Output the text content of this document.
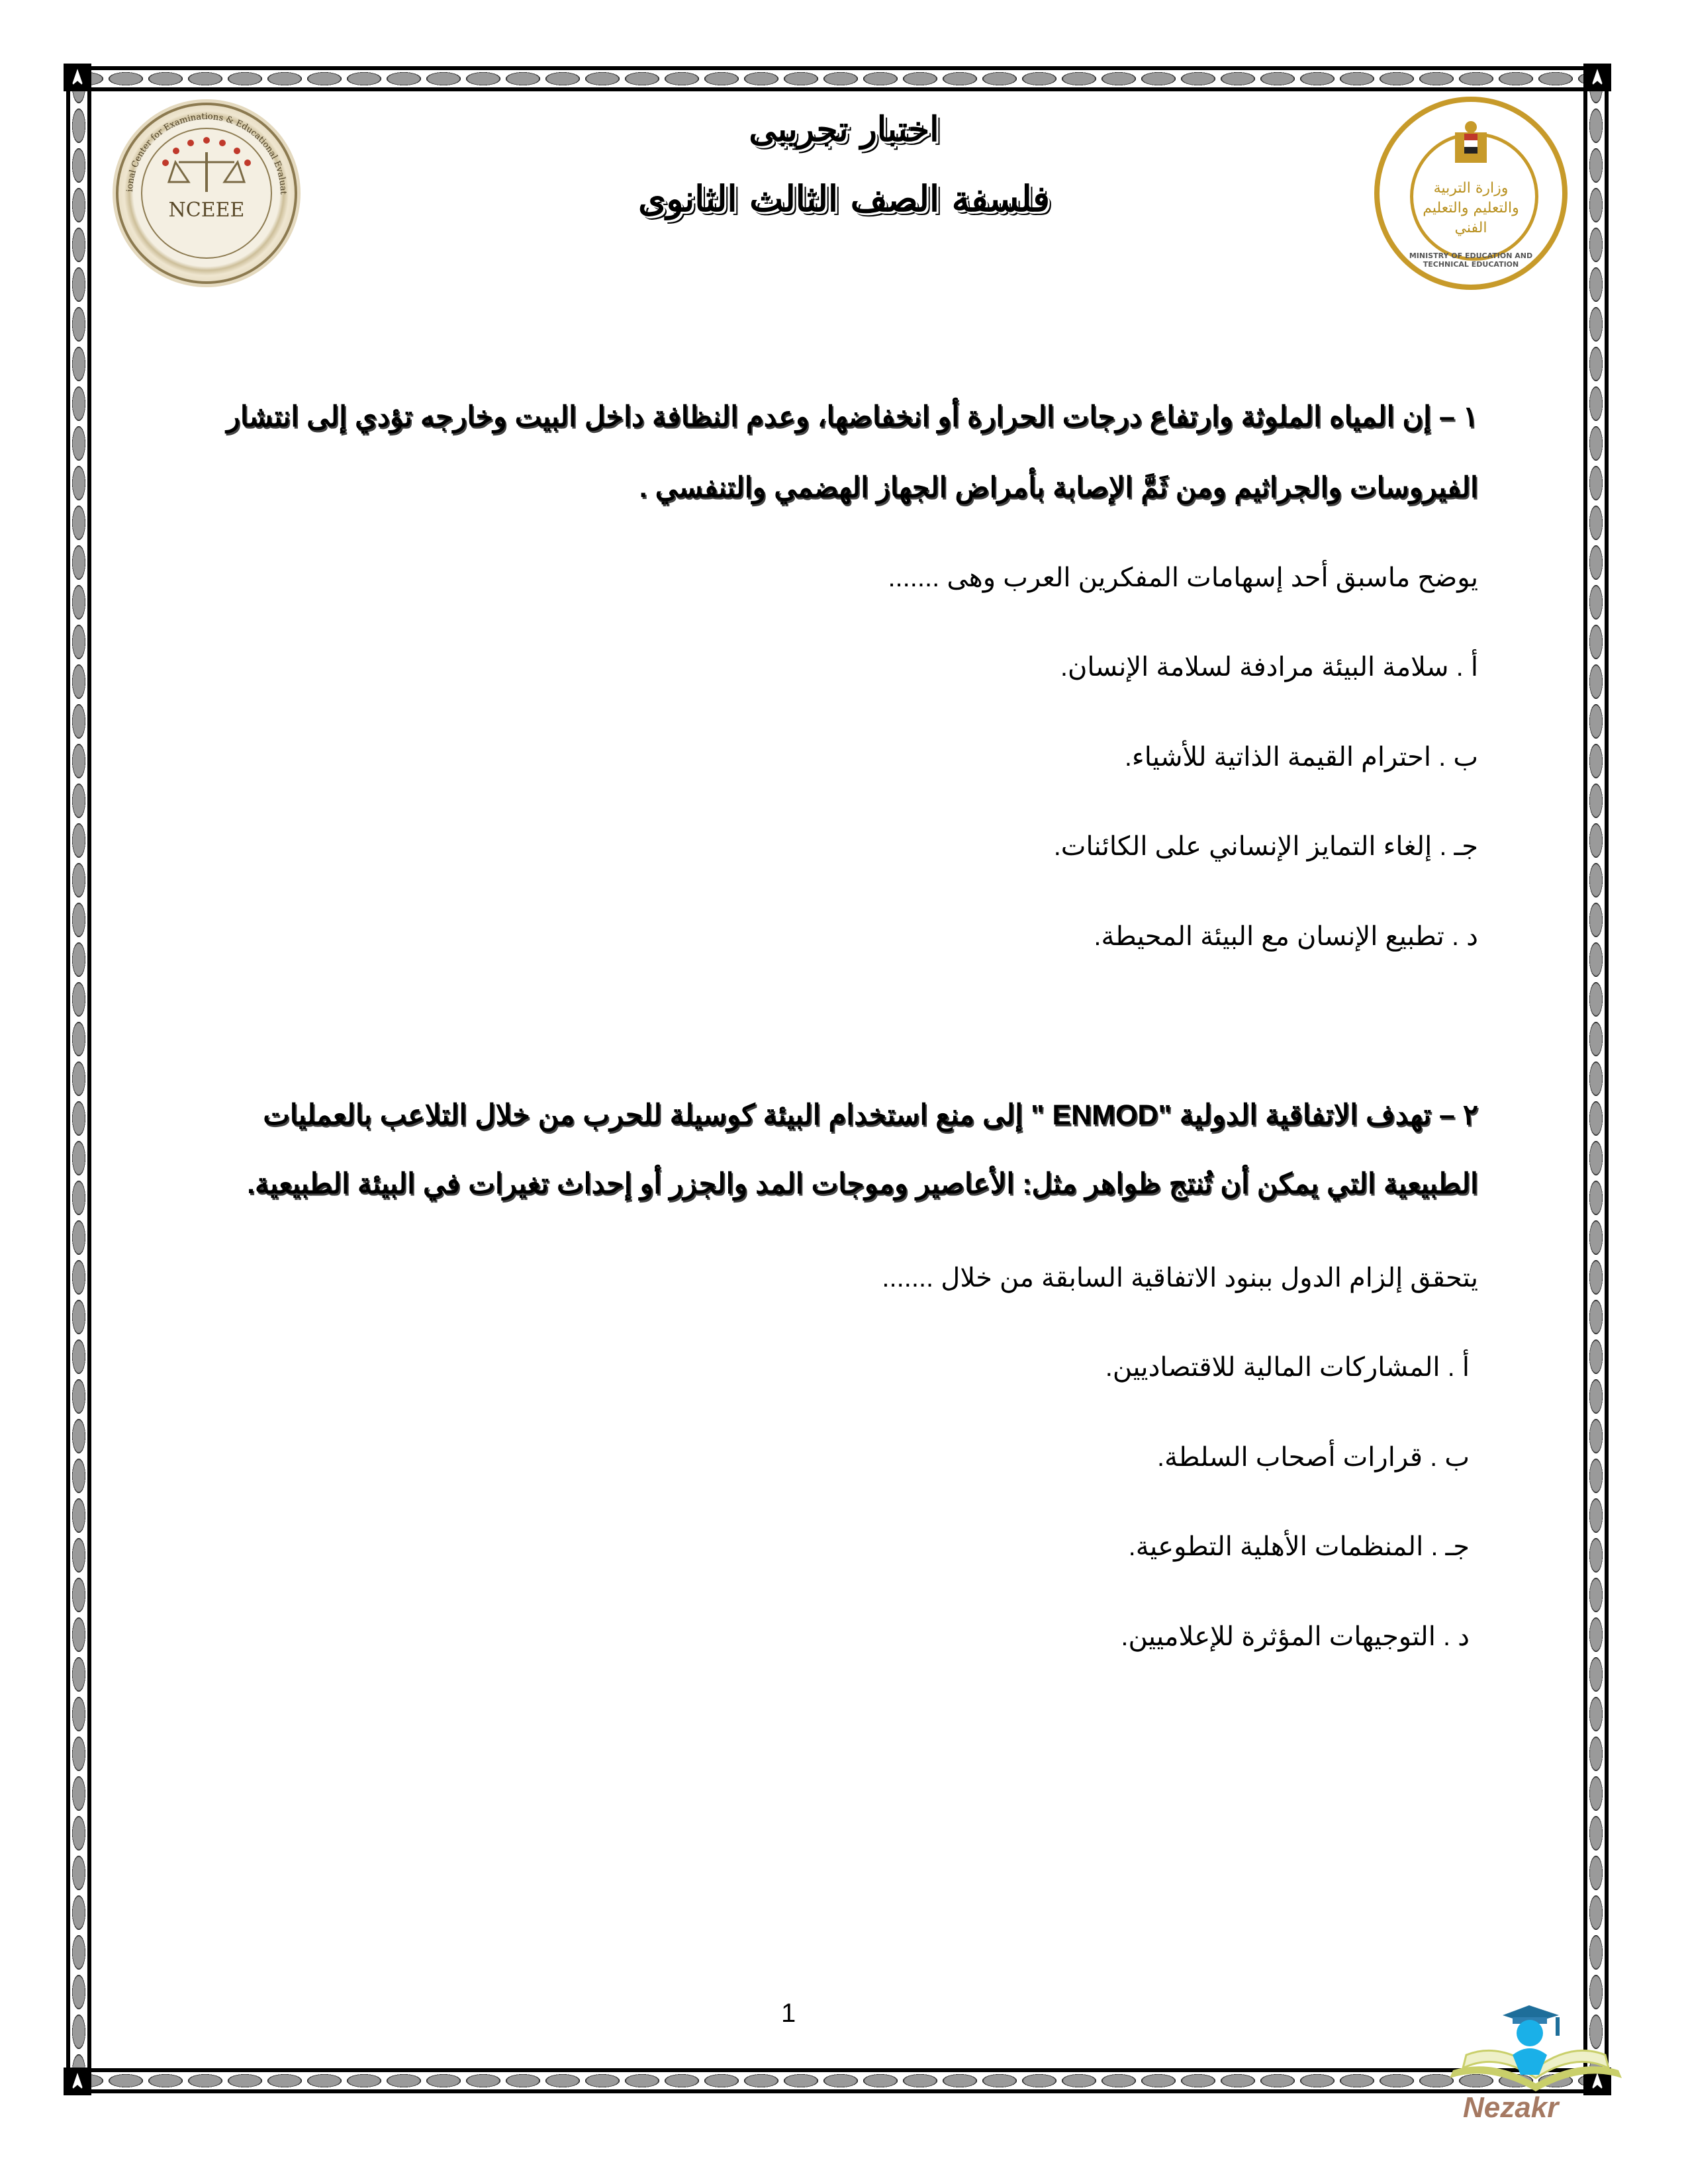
ional Center for Examinations & Educational Evaluat
NCEEE
وزارة التربية والتعليم والتعليم الفني
MINISTRY OF EDUCATION AND TECHNICAL EDUCATION
اختبار تجريبى
فلسفة الصف الثالث الثانوى
١ – إن المياه الملوثة وارتفاع درجات الحرارة أو انخفاضها، وعدم النظافة داخل البيت وخارجه تؤدي إلى انتشار
الفيروسات والجراثيم ومن ثَمَّ الإصابة بأمراض الجهاز الهضمي والتنفسي .
يوضح ماسبق أحد إسهامات المفكرين العرب وهى .......
أ . سلامة البيئة مرادفة لسلامة الإنسان.
ب . احترام القيمة الذاتية للأشياء.
جـ . إلغاء التمايز الإنساني على الكائنات.
د . تطبيع الإنسان مع البيئة المحيطة.
٢ – تهدف الاتفاقية الدولية "ENMOD " إلى منع استخدام البيئة كوسيلة للحرب من خلال التلاعب بالعمليات
الطبيعية التي يمكن أن تُنتج ظواهر مثل: الأعاصير وموجات المد والجزر أو إحداث تغيرات في البيئة الطبيعية.
يتحقق إلزام الدول ببنود الاتفاقية السابقة من خلال .......
أ . المشاركات المالية للاقتصاديين.
ب . قرارات أصحاب السلطة.
جـ . المنظمات الأهلية التطوعية.
د . التوجيهات المؤثرة للإعلاميين.
1
Nezakr
